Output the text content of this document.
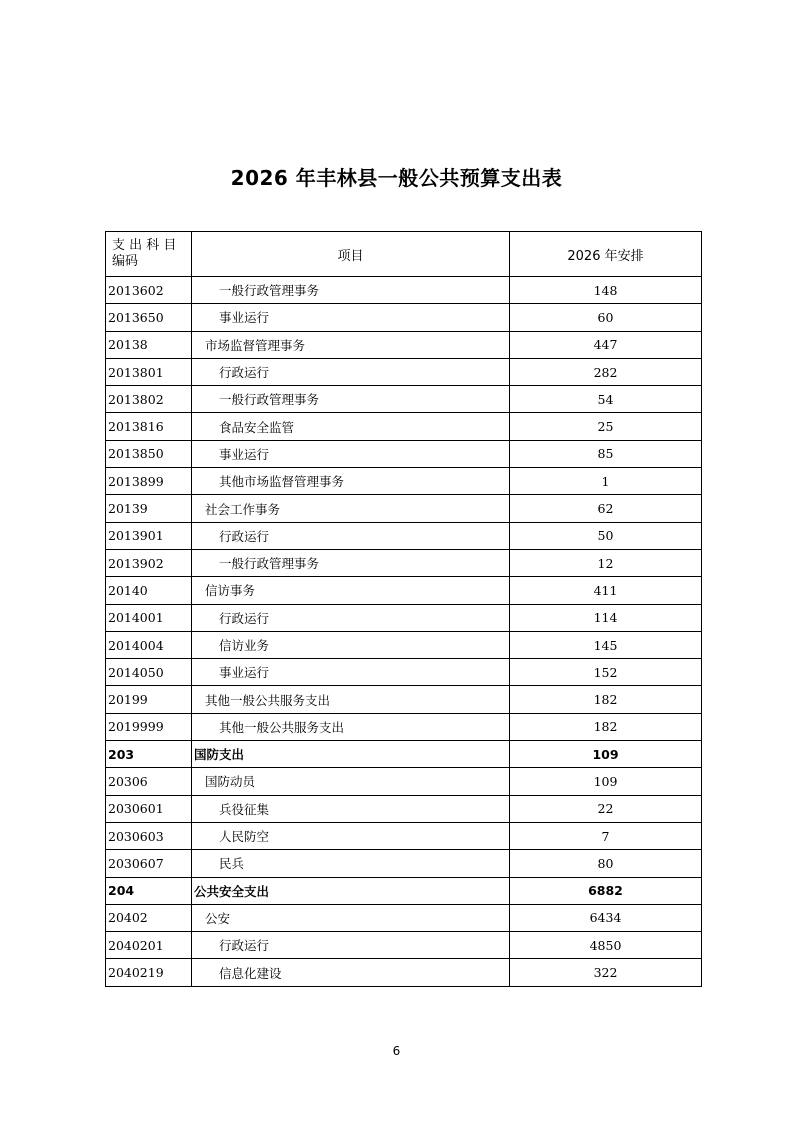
2026 年丰林县一般公共预算支出表
支 出 科 目 编码	项目	2026 年安排
2013602	一般行政管理事务	148
2013650	事业运行	60
20138	市场监督管理事务	447
2013801	行政运行	282
2013802	一般行政管理事务	54
2013816	食品安全监管	25
2013850	事业运行	85
2013899	其他市场监督管理事务	1
20139	社会工作事务	62
2013901	行政运行	50
2013902	一般行政管理事务	12
20140	信访事务	411
2014001	行政运行	114
2014004	信访业务	145
2014050	事业运行	152
20199	其他一般公共服务支出	182
2019999	其他一般公共服务支出	182
203	国防支出	109
20306	国防动员	109
2030601	兵役征集	22
2030603	人民防空	7
2030607	民兵	80
204	公共安全支出	6882
20402	公安	6434
2040201	行政运行	4850
2040219	信息化建设	322
6
